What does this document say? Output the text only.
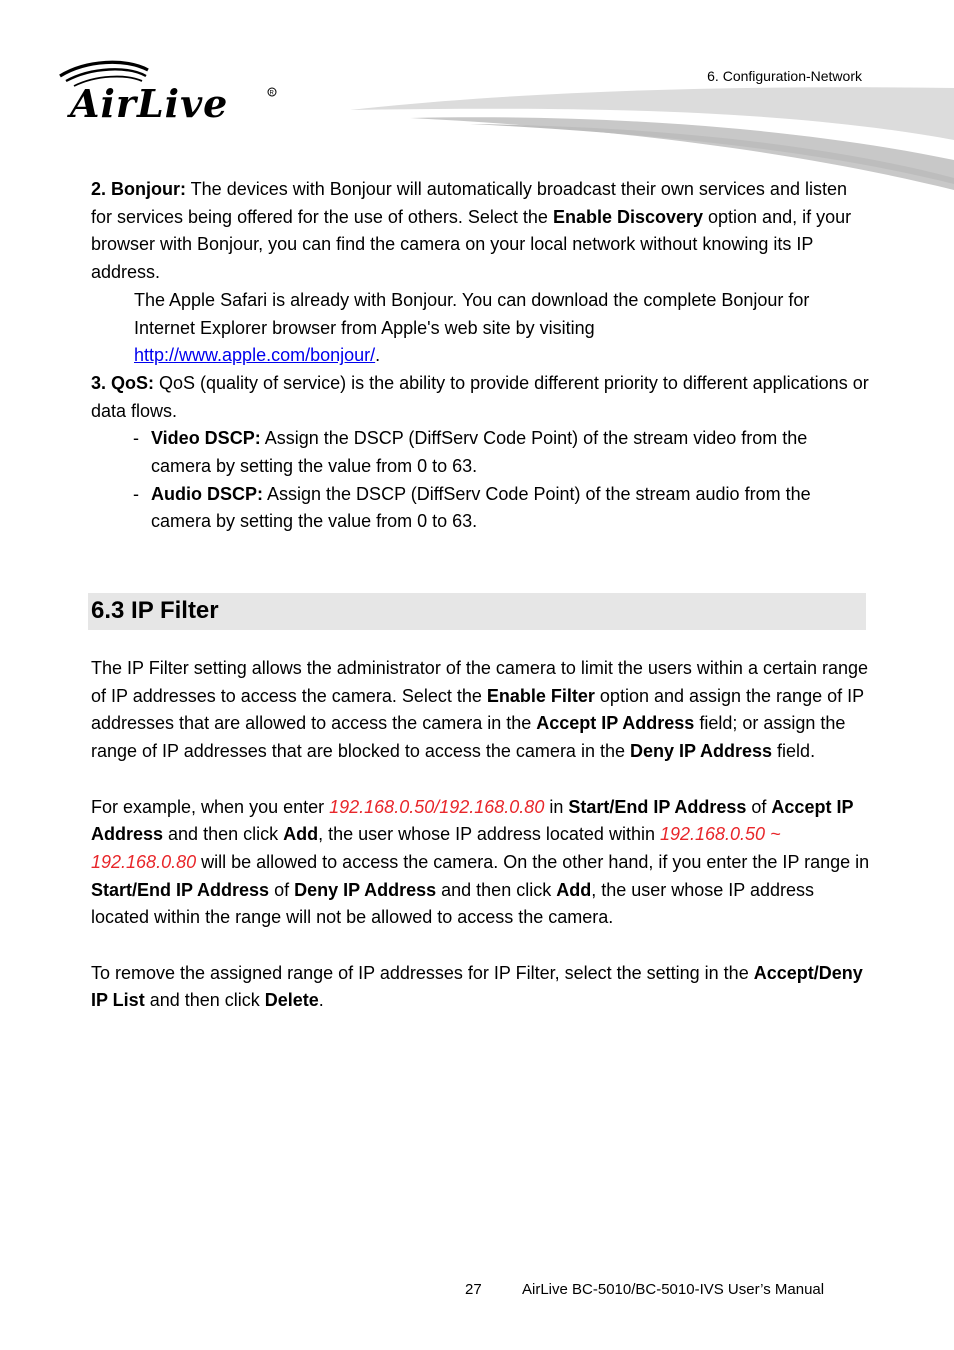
AirLive	R
6. Configuration-Network

2. Bonjour: The devices with Bonjour will automatically broadcast their own services and listen for services being offered for the use of others. Select the Enable Discovery option and, if your browser with Bonjour, you can find the camera on your local network without knowing its IP address.

The Apple Safari is already with Bonjour. You can download the complete Bonjour for Internet Explorer browser from Apple's web site by visiting
http://www.apple.com/bonjour/.

3. QoS: QoS (quality of service) is the ability to provide different priority to different applications or data flows.

- Video DSCP: Assign the DSCP (DiffServ Code Point) of the stream video from the camera by setting the value from 0 to 63.

- Audio DSCP: Assign the DSCP (DiffServ Code Point) of the stream audio from the camera by setting the value from 0 to 63.

6.3 IP Filter

The IP Filter setting allows the administrator of the camera to limit the users within a certain range of IP addresses to access the camera. Select the Enable Filter option and assign the range of IP addresses that are allowed to access the camera in the Accept IP Address field; or assign the range of IP addresses that are blocked to access the camera in the Deny IP Address field.

For example, when you enter 192.168.0.50/192.168.0.80 in Start/End IP Address of Accept IP Address and then click Add, the user whose IP address located within 192.168.0.50 ~ 192.168.0.80 will be allowed to access the camera. On the other hand, if you enter the IP range in Start/End IP Address of Deny IP Address and then click Add, the user whose IP address located within the range will not be allowed to access the camera.

To remove the assigned range of IP addresses for IP Filter, select the setting in the Accept/Deny IP List and then click Delete.

27	AirLive BC-5010/BC-5010-IVS User’s Manual
